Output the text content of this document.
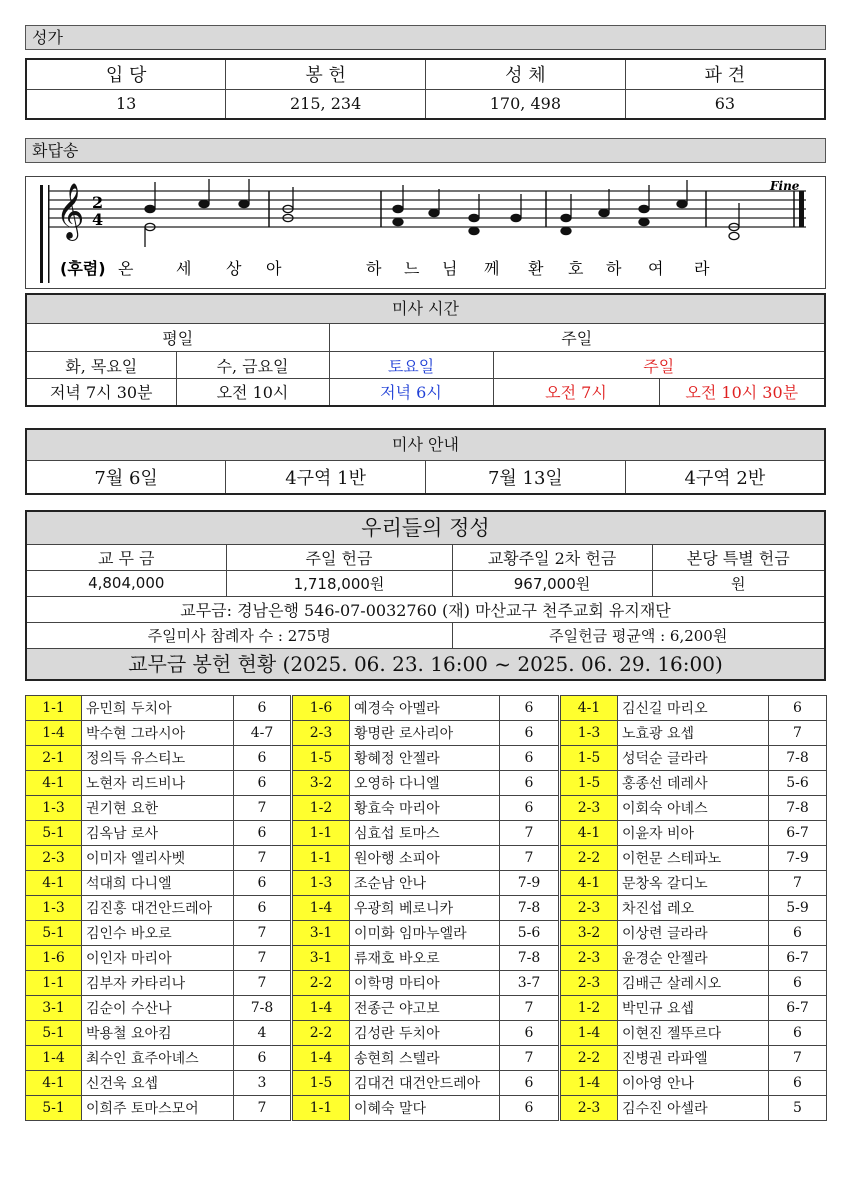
성가
입 당	봉 헌	성 체	파 견
13	215, 234	170, 498	63
화답송
𝄞 2
4
Fine
(후렴) 온	세 상 아	하 느 님 께 환 호 하 여 라
미사 시간				
평일		주일		
화, 목요일	수, 금요일	토요일	주일	
저녁 7시 30분	오전 10시	저녁 6시	오전 7시	오전 10시 30분
미사 안내
7월 6일	4구역 1반	7월 13일	4구역 2반
우리들의 정성			
교 무 금	주일 헌금	교황주일 2차 헌금	본당 특별 헌금
4,804,000	1,718,000원	967,000원	원
교무금: 경남은행 546-07-0032760 (재) 마산교구 천주교회 유지재단			
주일미사 참례자 수 : 275명		주일헌금 평균액 : 6,200원	
교무금 봉헌 현황 (2025. 06. 23. 16:00 ~ 2025. 06. 29. 16:00)			
1-1	유민희 두치아	6	1-6	예경숙 아멜라	6	4-1	김신길 마리오	6
1-4	박수현 그라시아	4-7	2-3	황명란 로사리아	6	1-3	노효광 요셉	7
2-1	정의득 유스티노	6	1-5	황혜정 안젤라	6	1-5	성덕순 글라라	7-8
4-1	노현자 리드비나	6	3-2	오영하 다니엘	6	1-5	홍종선 데레사	5-6
1-3	권기현 요한	7	1-2	황효숙 마리아	6	2-3	이회숙 아녜스	7-8
5-1	김옥남 로사	6	1-1	심효섭 토마스	7	4-1	이윤자 비아	6-7
2-3	이미자 엘리사벳	7	1-1	원아행 소피아	7	2-2	이헌문 스테파노	7-9
4-1	석대희 다니엘	6	1-3	조순남 안나	7-9	4-1	문창옥 갈디노	7
1-3	김진홍 대건안드레아	6	1-4	우광희 베로니카	7-8	2-3	차진섭 레오	5-9
5-1	김인수 바오로	7	3-1	이미화 임마누엘라	5-6	3-2	이상련 글라라	6
1-6	이인자 마리아	7	3-1	류재호 바오로	7-8	2-3	윤경순 안젤라	6-7
1-1	김부자 카타리나	7	2-2	이학명 마티아	3-7	2-3	김배근 살레시오	6
3-1	김순이 수산나	7-8	1-4	전종근 야고보	7	1-2	박민규 요셉	6-7
5-1	박용철 요아킴	4	2-2	김성란 두치아	6	1-4	이현진 젤뚜르다	6
1-4	최수인 효주아녜스	6	1-4	송현희 스텔라	7	2-2	진병권 라파엘	7
4-1	신건욱 요셉	3	1-5	김대건 대건안드레아	6	1-4	이아영 안나	6
5-1	이희주 토마스모어	7	1-1	이혜숙 말다	6	2-3	김수진 아셀라	5
